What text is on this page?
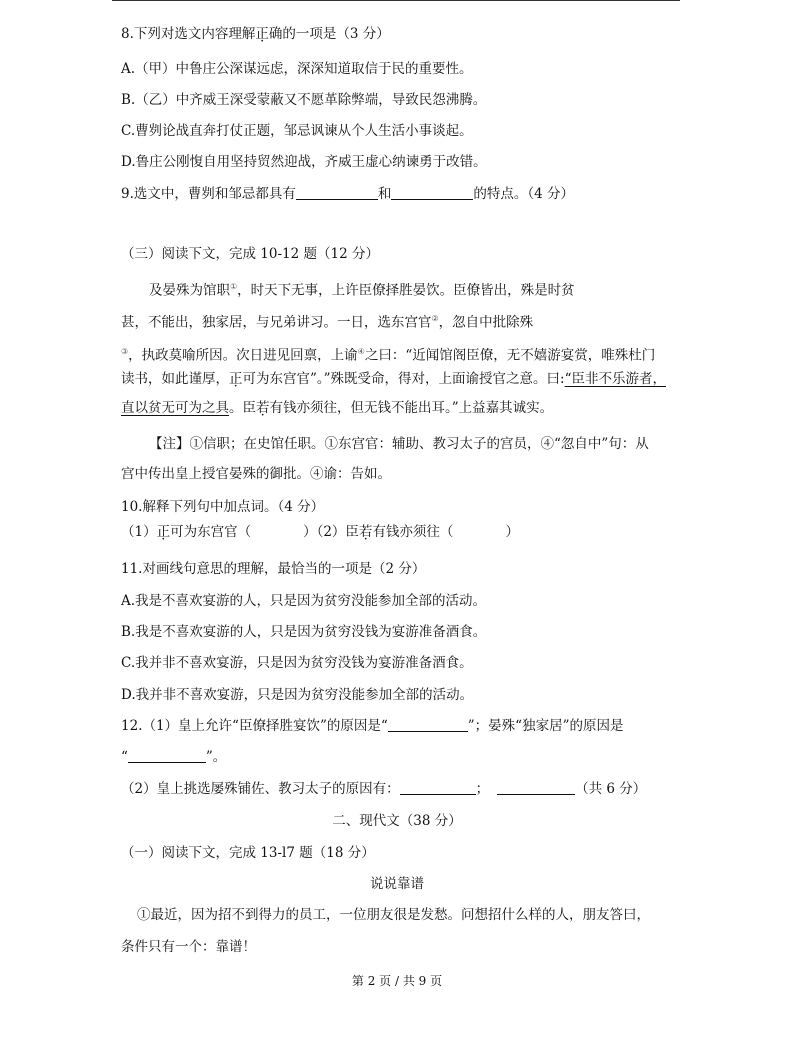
8.下列对选文内容理解正确的一项是（3 分）
A.（甲）中鲁庄公深谋远虑，深深知道取信于民的重要性。
B.（乙）中齐威王深受蒙蔽又不愿革除弊端，导致民怨沸腾。
C.曹刿论战直奔打仗正题，邹忌讽谏从个人生活小事谈起。
D.鲁庄公刚愎自用坚持贸然迎战，齐威王虚心纳谏勇于改错。
9.选文中，曹刿和邹忌都具有	和	的特点。（4 分）
（三）阅读下文，完成 10-12 题（12 分）
及晏殊为馆职①，时天下无事，上许臣僚择胜晏饮。臣僚皆出，殊是时贫
甚，不能出，独家居，与兄弟讲习。一日，选东宫官②，忽自中批除殊
③，执政莫喻所因。次日进见回禀，上谕④之曰：“近闻馆阁臣僚，无不嬉游宴赏，唯殊杜门
读书，如此谨厚，正可为东宫官”。”殊既受命，得对，上面谕授官之意。曰:“臣非不乐游者，
直以贫无可为之具。臣若有钱亦须往，但无钱不能出耳。”上益嘉其诚实。
【注】①信职；在史馆任职。①东宫官：辅助、教习太子的宫员，④“忽自中”句：从
宫中传出皇上授官晏殊的御批。④谕：告如。
10.解释下列句中加点词。（4 分）
（1）正可为东宫官（	）（2）臣若有钱亦须往（	）
11.对画线句意思的理解，最恰当的一项是（2 分）
A.我是不喜欢宴游的人，只是因为贫穷没能参加全部的活动。
B.我是不喜欢宴游的人，只是因为贫穷没钱为宴游准备酒食。
C.我并非不喜欢宴游，只是因为贫穷没钱为宴游准备酒食。
D.我并非不喜欢宴游，只是因为贫穷没能参加全部的活动。
12.（1）皇上允许“臣僚择胜宴饮”的原因是“	”；晏殊“独家居”的原因是
“	”。
（2）皇上挑选屡殊铺佐、教习太子的原因有：	；	（共 6 分）
二、现代文（38 分）
（一）阅读下文，完成 13-l7 题（18 分）
说说靠谱
①最近，因为招不到得力的员工，一位朋友很是发愁。问想招什么样的人，朋友答曰，
条件只有一个：靠谱！
第 2 页 / 共 9 页
